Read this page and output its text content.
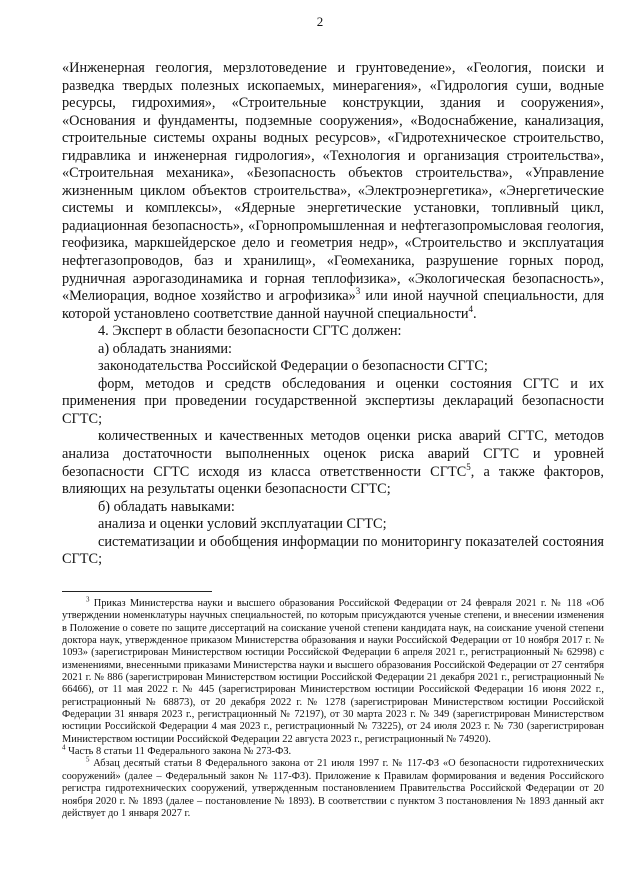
2

«Инженерная геология, мерзлотоведение и грунтоведение», «Геология, поиски и разведка твердых полезных ископаемых, минерагения», «Гидрология суши, водные ресурсы, гидрохимия», «Строительные конструкции, здания и сооружения», «Основания и фундаменты, подземные сооружения», «Водоснабжение, канализация, строительные системы охраны водных ресурсов», «Гидротехническое строительство, гидравлика и инженерная гидрология», «Технология и организация строительства», «Строительная механика», «Безопасность объектов строительства», «Управление жизненным циклом объектов строительства», «Электроэнергетика», «Энергетические системы и комплексы», «Ядерные энергетические установки, топливный цикл, радиационная безопасность», «Горнопромышленная и нефтегазопромысловая геология, геофизика, маркшейдерское дело и геометрия недр», «Строительство и эксплуатация нефтегазопроводов, баз и хранилищ», «Геомеханика, разрушение горных пород, рудничная аэрогазодинамика и горная теплофизика», «Экологическая безопасность», «Мелиорация, водное хозяйство и агрофизика»$^3$ или иной научной специальности, для которой установлено соответствие данной научной специальности$^4$.

4. Эксперт в области безопасности СГТС должен:

а) обладать знаниями:

законодательства Российской Федерации о безопасности СГТС;

форм, методов и средств обследования и оценки состояния СГТС и их применения при проведении государственной экспертизы деклараций безопасности СГТС;

количественных и качественных методов оценки риска аварий СГТС, методов анализа достаточности выполненных оценок риска аварий СГТС и уровней безопасности СГТС исходя из класса ответственности СГТС$^5$, а также факторов, влияющих на результаты оценки безопасности СГТС;

б) обладать навыками:

анализа и оценки условий эксплуатации СГТС;

систематизации и обобщения информации по мониторингу показателей состояния СГТС;

$^3$ Приказ Министерства науки и высшего образования Российской Федерации от 24 февраля 2021 г. № 118 «Об утверждении номенклатуры научных специальностей, по которым присуждаются ученые степени, и внесении изменения в Положение о совете по защите диссертаций на соискание ученой степени кандидата наук, на соискание ученой степени доктора наук, утвержденное приказом Министерства образования и науки Российской Федерации от 10 ноября 2017 г. № 1093» (зарегистрирован Министерством юстиции Российской Федерации 6 апреля 2021 г., регистрационный № 62998) с изменениями, внесенными приказами Министерства науки и высшего образования Российской Федерации от 27 сентября 2021 г. № 886 (зарегистрирован Министерством юстиции Российской Федерации 21 декабря 2021 г., регистрационный № 66466), от 11 мая 2022 г. № 445 (зарегистрирован Министерством юстиции Российской Федерации 16 июня 2022 г., регистрационный № 68873), от 20 декабря 2022 г. № 1278 (зарегистрирован Министерством юстиции Российской Федерации 31 января 2023 г., регистрационный № 72197), от 30 марта 2023 г. № 349 (зарегистрирован Министерством юстиции Российской Федерации 4 мая 2023 г., регистрационный № 73225), от 24 июля 2023 г. № 730 (зарегистрирован Министерством юстиции Российской Федерации 22 августа 2023 г., регистрационный № 74920).

$^4$ Часть 8 статьи 11 Федерального закона № 273-ФЗ.

$^5$ Абзац десятый статьи 8 Федерального закона от 21 июля 1997 г. № 117-ФЗ «О безопасности гидротехнических сооружений» (далее – Федеральный закон № 117-ФЗ). Приложение к Правилам формирования и ведения Российского регистра гидротехнических сооружений, утвержденным постановлением Правительства Российской Федерации от 20 ноября 2020 г. № 1893 (далее – постановление № 1893). В соответствии с пунктом 3 постановления № 1893 данный акт действует до 1 января 2027 г.
